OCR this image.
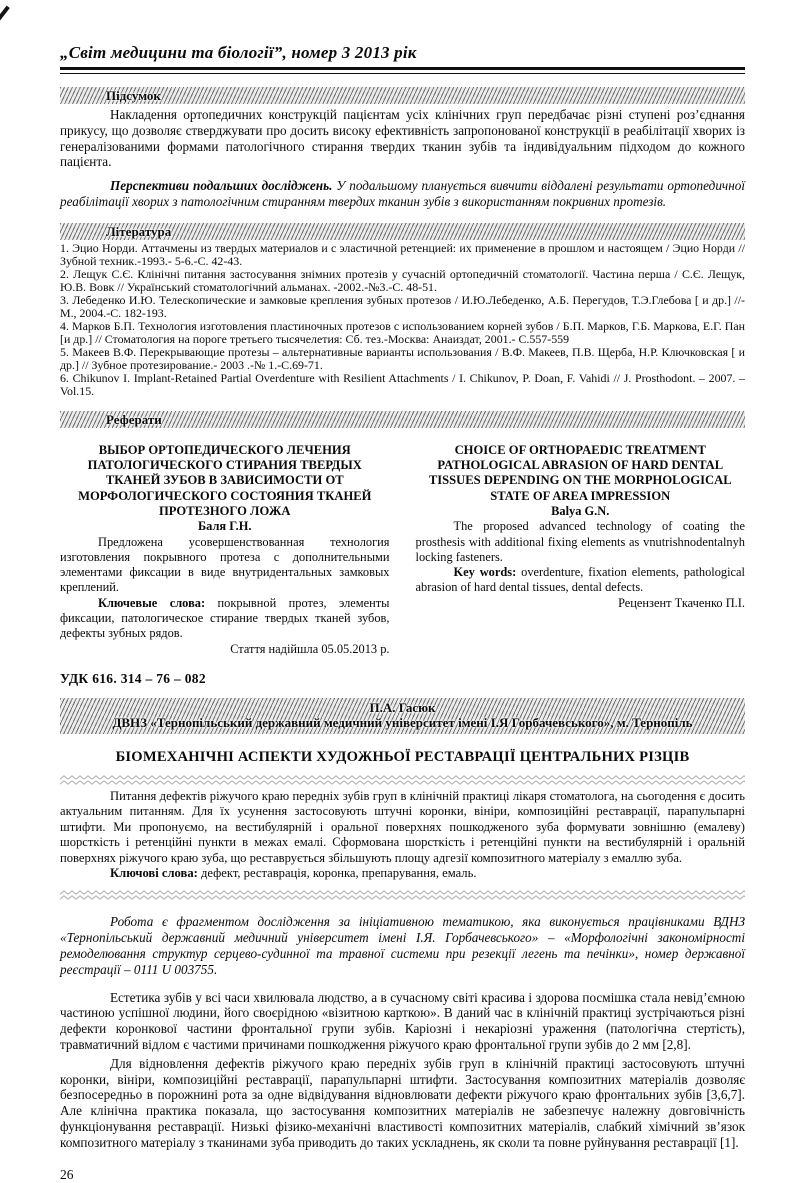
„Світ медицини та біології”, номер 3 2013 рік
Підсумок

Накладення ортопедичних конструкцій пацієнтам усіх клінічних груп передбачає різні ступені роз’єднання прикусу, що дозволяє стверджувати про досить високу ефективність запропонованої конструкції в реабілітації хворих із генералізованими формами патологічного стирання твердих тканин зубів та індивідуальним підходом до кожного пацієнта.

Перспективи подальших досліджень. У подальшому планується вивчити віддалені результати ортопедичної реабілітації хворих з патологічним стиранням твердих тканин зубів з використанням покривних протезів.

Література

1. Эцио Норди. Аттачмены из твердых материалов и с эластичной ретенцией: их применение в прошлом и настоящем / Эцио Норди // Зубной техник.-1993.- 5-6.-С. 42-43.

2. Лещук С.Є. Клінічні питання застосування знімних протезів у сучасній ортопедичній стоматології. Частина перша / С.Є. Лещук, Ю.В. Вовк // Український стоматологічний альманах. -2002.-№3.-С. 48-51.

3. Лебеденко И.Ю. Телескопические и замковые крепления зубных протезов / И.Ю.Лебеденко, А.Б. Перегудов, Т.Э.Глебова [ и др.] //- М., 2004.-С. 182-193.

4. Марков Б.П. Технология изготовления пластиночных протезов с использованием корней зубов / Б.П. Марков, Г.Б. Маркова, Е.Г. Пан [и др.] // Стоматология на пороге третьего тысячелетия: Сб. тез.-Москва: Анаиздат, 2001.- С.557-559

5. Макеев В.Ф. Перекрывающие протезы – альтернативные варианты использования / В.Ф. Макеев, П.В. Щерба, Н.Р. Ключковская [ и др.] // Зубное протезирование.- 2003 .-№ 1.-С.69-71.

6. Chikunov I. Implant-Retained Partial Overdenture with Resilient Attachments / I. Chikunov, P. Doan, F. Vahidi // J. Prosthodont. – 2007. – Vol.15.

Реферати
ВЫБОР ОРТОПЕДИЧЕСКОГО ЛЕЧЕНИЯ ПАТОЛОГИЧЕСКОГО СТИРАНИЯ ТВЕРДЫХ ТКАНЕЙ ЗУБОВ В ЗАВИСИМОСТИ ОТ МОРФОЛОГИЧЕСКОГО СОСТОЯНИЯ ТКАНЕЙ ПРОТЕЗНОГО ЛОЖА
Баля Г.Н.

Предложена усовершенствованная технология изготовления покрывного протеза с дополнительными элементами фиксации в виде внутридентальных замковых креплений.

Ключевые слова: покрывной протез, элементы фиксации, патологическое стирание твердых тканей зубов, дефекты зубных рядов.

Стаття надійшла 05.05.2013 р.

CHOICE OF ORTHOPAEDIC TREATMENT PATHOLOGICAL ABRASION OF HARD DENTAL TISSUES DEPENDING ON THE MORPHOLOGICAL STATE OF AREA IMPRESSION
Balya G.N.

The proposed advanced technology of coating the prosthesis with additional fixing elements as vnutrishnodentalnyh locking fasteners.

Key words: overdenture, fixation elements, pathological abrasion of hard dental tissues, dental defects.

Рецензент Ткаченко П.І.

УДК 616. 314 – 76 – 082

П.А. Гасюк
ДВНЗ «Тернопільський державний медичний університет імені І.Я Горбачевського», м. Тернопіль
БІОМЕХАНІЧНІ АСПЕКТИ ХУДОЖНЬОЇ РЕСТАВРАЦІЇ ЦЕНТРАЛЬНИХ РІЗЦІВ

Питання дефектів ріжучого краю передніх зубів груп в клінічній практиці лікаря стоматолога, на сьогодення є досить актуальним питанням. Для їх усунення застосовують штучні коронки, вініри, композиційні реставрації, парапульпарні штифти. Ми пропонуємо, на вестибулярній і оральної поверхнях пошкодженого зуба формувати зовнішню (емалеву) шорсткість і ретенційні пункти в межах емалі. Сформована шорсткість і ретенційні пункти на вестибулярній і оральній поверхнях ріжучого краю зуба, що реставрується збільшують площу адгезії композитного матеріалу з емаллю зуба.

Ключові слова: дефект, реставрація, коронка, препарування, емаль.

Робота є фрагментом дослідження за ініціативною тематикою, яка виконується працівниками ВДНЗ «Тернопільський державний медичний університет імені І.Я. Горбачевського» – «Морфологічні закономірності ремоделювання структур серцево-судинної та травної системи при резекції легень та печінки», номер державної реєстрації – 0111 U 003755.

Естетика зубів у всі часи хвилювала людство, а в сучасному світі красива і здорова посмішка стала невід’ємною частиною успішної людини, його своєрідною «візитною карткою». В даний час в клінічній практиці зустрічаються різні дефекти коронкової частини фронтальної групи зубів. Каріозні і некаріозні ураження (патологічна стертість), травматичний відлом є частими причинами пошкодження ріжучого краю фронтальної групи зубів до 2 мм [2,8].

Для відновлення дефектів ріжучого краю передніх зубів груп в клінічній практиці застосовують штучні коронки, вініри, композиційні реставрації, парапульпарні штифти. Застосування композитних матеріалів дозволяє безпосередньо в порожнині рота за одне відвідування відновлювати дефекти ріжучого краю фронтальних зубів [3,6,7]. Але клінічна практика показала, що застосування композитних матеріалів не забезпечує належну довговічність функціонування реставрації. Низькі фізико-механічні властивості композитних матеріалів, слабкий хімічний зв’язок композитного матеріалу з тканинами зуба приводить до таких ускладнень, як сколи та повне руйнування реставрації [1].

26
